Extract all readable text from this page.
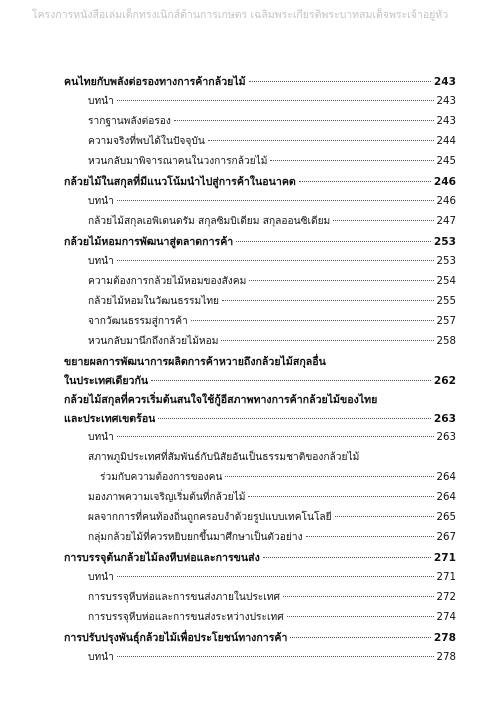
โครงการหนังสือเล่มเด็กทรงเนิกส์ด้านการเกษตร เฉลิมพระเกียรติพระบาทสมเด็จพระเจ้าอยู่หัว
คนไทยกับพลังต่อรองทางการค้ากล้วยไม้	243
บทนำ	243
รากฐานพลังต่อรอง	243
ความจริงที่พบได้ในปัจจุบัน	244
หวนกลับมาพิจารณาคนในวงการกล้วยไม้	245
กล้วยไม้ในสกุลที่มีแนวโน้มนำไปสู่การค้าในอนาคต	246
บทนำ	246
กล้วยไม้สกุลเอพิเดนดรัม สกุลซิมบิเดียม สกุลออนซิเดียม	247
กล้วยไม้หอมการพัฒนาสู่ตลาดการค้า	253
บทนำ	253
ความต้องการกล้วยไม้หอมของสังคม	254
กล้วยไม้หอมในวัฒนธรรมไทย	255
จากวัฒนธรรมสู่การค้า	257
หวนกลับมานึกถึงกล้วยไม้หอม	258
ขยายผลการพัฒนาการผลิตการค้าหวายถึงกล้วยไม้สกุลอื่น
ในประเทศเดียวกัน	262
กล้วยไม้สกุลที่ควรเริ่มต้นสนใจใช้กู้อีสภาพทางการค้ากล้วยไม้ของไทย
และประเทศเขตร้อน	263
บทนำ	263
สภาพภูมิประเทศที่สัมพันธ์กับนิสัยอันเป็นธรรมชาติของกล้วยไม้
ร่วมกับความต้องการของคน	264
มองภาพความเจริญเริ่มต้นที่กล้วยไม้	264
ผลจากการที่คนท้องถิ่นถูกครอบงำด้วยรูปแบบเทคโนโลยี	265
กลุ่มกล้วยไม้ที่ควรหยิบยกขึ้นมาศึกษาเป็นตัวอย่าง	267
การบรรจุต้นกล้วยไม้ลงหีบห่อและการขนส่ง	271
บทนำ	271
การบรรจุหีบห่อและการขนส่งภายในประเทศ	272
การบรรจุหีบห่อและการขนส่งระหว่างประเทศ	274
การปรับปรุงพันธุ์กล้วยไม้เพื่อประโยชน์ทางการค้า	278
บทนำ	278
